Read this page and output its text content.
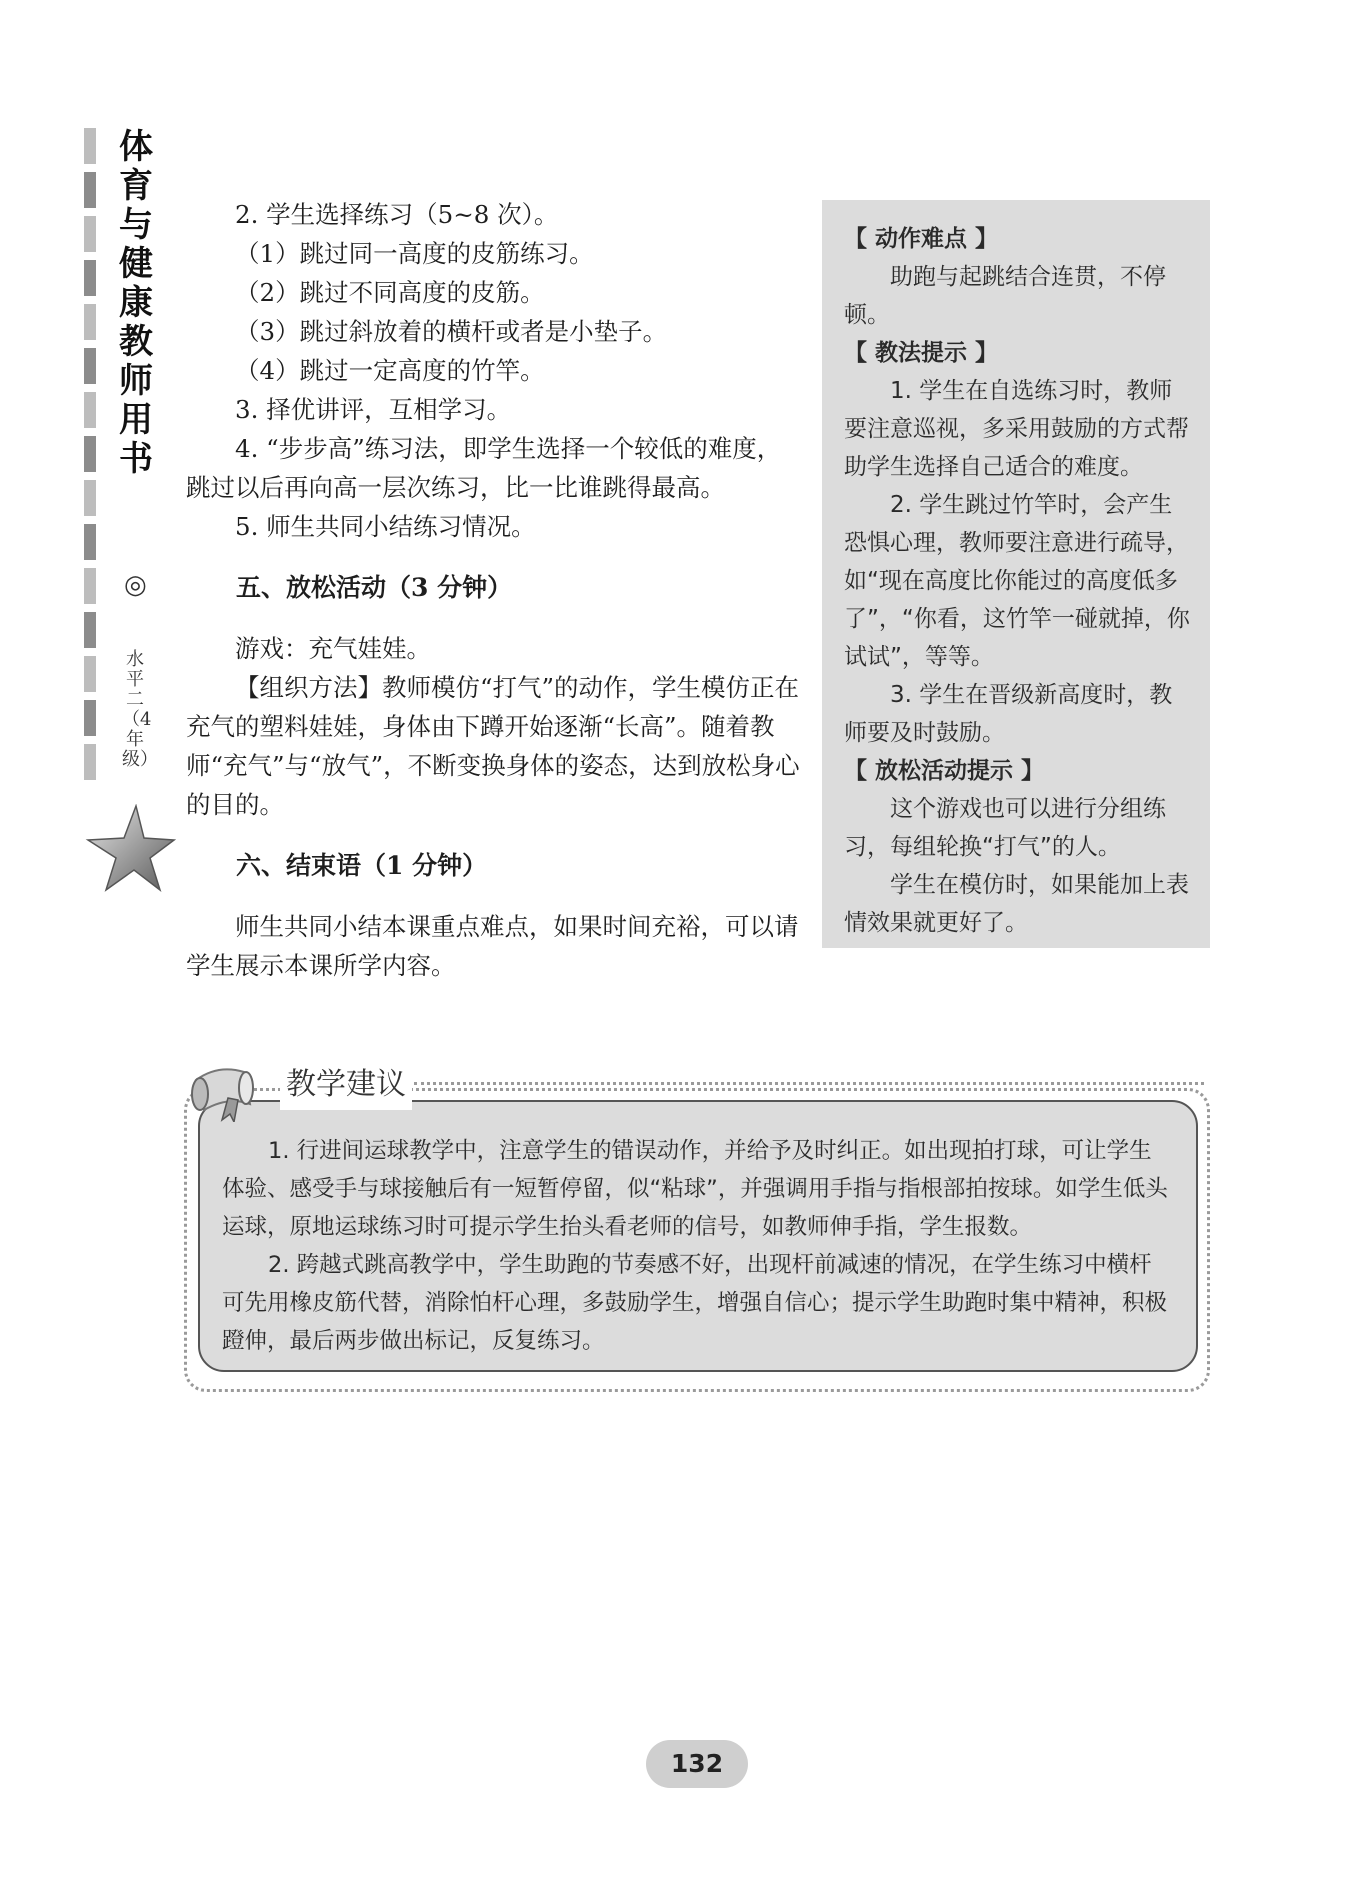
体育与健康教师用书
◎
水平二（4年级）

2. 学生选择练习（5~8 次）。

（1）跳过同一高度的皮筋练习。

（2）跳过不同高度的皮筋。

（3）跳过斜放着的横杆或者是小垫子。

（4）跳过一定高度的竹竿。

3. 择优讲评，互相学习。

4. “步步高”练习法，即学生选择一个较低的难度，跳过以后再向高一层次练习，比一比谁跳得最高。

5. 师生共同小结练习情况。

五、放松活动（3 分钟）

游戏：充气娃娃。

【组织方法】教师模仿“打气”的动作，学生模仿正在充气的塑料娃娃，身体由下蹲开始逐渐“长高”。随着教师“充气”与“放气”，不断变换身体的姿态，达到放松身心的目的。

六、结束语（1 分钟）

师生共同小结本课重点难点，如果时间充裕，可以请学生展示本课所学内容。

【 动作难点 】

助跑与起跳结合连贯，不停顿。

【 教法提示 】

1. 学生在自选练习时，教师要注意巡视，多采用鼓励的方式帮助学生选择自己适合的难度。

2. 学生跳过竹竿时，会产生恐惧心理，教师要注意进行疏导，如“现在高度比你能过的高度低多了”，“你看，这竹竿一碰就掉，你试试”，等等。

3. 学生在晋级新高度时，教师要及时鼓励。

【 放松活动提示 】

这个游戏也可以进行分组练习，每组轮换“打气”的人。

学生在模仿时，如果能加上表情效果就更好了。

1. 行进间运球教学中，注意学生的错误动作，并给予及时纠正。如出现拍打球，可让学生体验、感受手与球接触后有一短暂停留，似“粘球”，并强调用手指与指根部拍按球。如学生低头运球，原地运球练习时可提示学生抬头看老师的信号，如教师伸手指，学生报数。

2. 跨越式跳高教学中，学生助跑的节奏感不好，出现杆前减速的情况，在学生练习中横杆可先用橡皮筋代替，消除怕杆心理，多鼓励学生，增强自信心；提示学生助跑时集中精神，积极蹬伸，最后两步做出标记，反复练习。

教学建议
132
